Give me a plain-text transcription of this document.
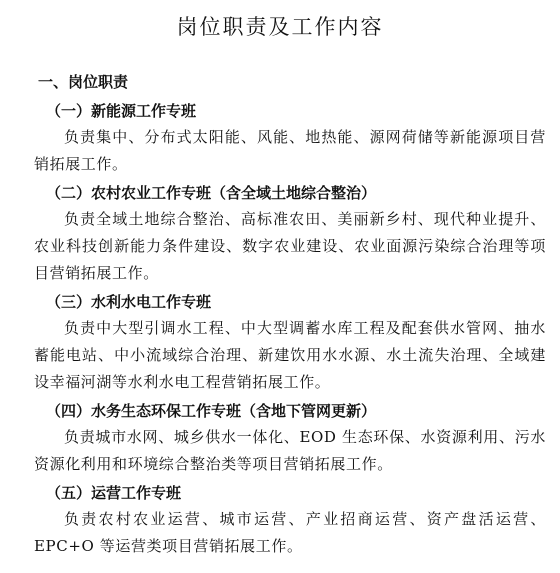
岗位职责及工作内容
一、岗位职责
（一）新能源工作专班

负责集中、分布式太阳能、风能、地热能、源网荷储等新能源项目营销拓展工作。

（二）农村农业工作专班（含全域土地综合整治）

负责全域土地综合整治、高标准农田、美丽新乡村、现代种业提升、农业科技创新能力条件建设、数字农业建设、农业面源污染综合治理等项目营销拓展工作。

（三）水利水电工作专班

负责中大型引调水工程、中大型调蓄水库工程及配套供水管网、抽水蓄能电站、中小流域综合治理、新建饮用水水源、水土流失治理、全域建设幸福河湖等水利水电工程营销拓展工作。

（四）水务生态环保工作专班（含地下管网更新）

负责城市水网、城乡供水一体化、EOD 生态环保、水资源利用、污水资源化利用和环境综合整治类等项目营销拓展工作。

（五）运营工作专班

负责农村农业运营、城市运营、产业招商运营、资产盘活运营、EPC+O 等运营类项目营销拓展工作。
